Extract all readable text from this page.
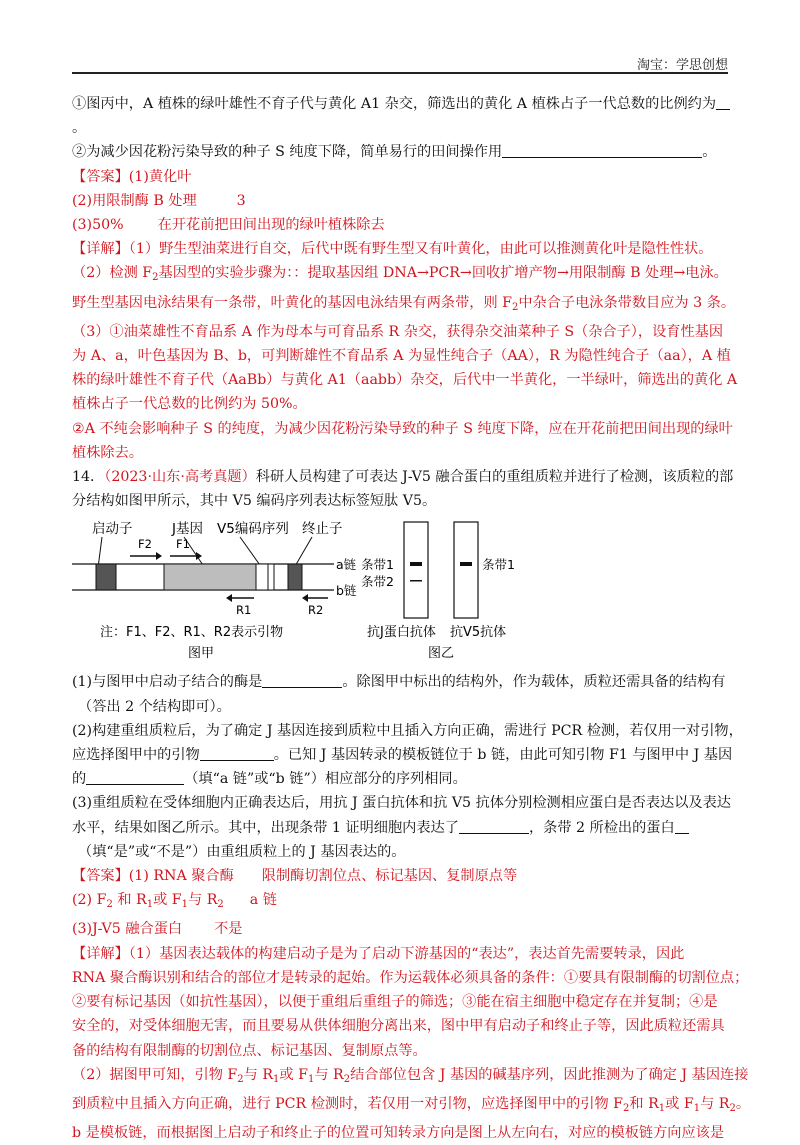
淘宝：学思创想
①图丙中，A 植株的绿叶雄性不育子代与黄化 A1 杂交，筛选出的黄化 A 植株占子一代总数的比例约为
。
②为减少因花粉污染导致的种子 S 纯度下降，简单易行的田间操作用	。
【答案】(1)黄化叶
(2)用限制酶 B 处理	3
(3)50% 在开花前把田间出现的绿叶植株除去
【详解】（1）野生型油菜进行自交，后代中既有野生型又有叶黄化，由此可以推测黄化叶是隐性性状。
（2）检测 $F_2$基因型的实验步骤为：：提取基因组 DNA→PCR→回收扩增产物→用限制酶 B 处理→电泳。
野生型基因电泳结果有一条带，叶黄化的基因电泳结果有两条带，则 $F_2$中杂合子电泳条带数目应为 3 条。
（3）①油菜雄性不育品系 A 作为母本与可育品系 R 杂交，获得杂交油菜种子 S（杂合子），设育性基因
为 A、a，叶色基因为 B、b，可判断雄性不育品系 A 为显性纯合子（AA），R 为隐性纯合子（aa），A 植
株的绿叶雄性不育子代（AaBb）与黄化 A1（aabb）杂交，后代中一半黄化，一半绿叶，筛选出的黄化 A
植株占子一代总数的比例约为 50%。
②A 不纯会影响种子 S 的纯度，为减少因花粉污染导致的种子 S 纯度下降，应在开花前把田间出现的绿叶
植株除去。
14．（2023·山东·高考真题）科研人员构建了可表达 J-V5 融合蛋白的重组质粒并进行了检测，该质粒的部
分结构如图甲所示，其中 V5 编码序列表达标签短肽 V5。
启动子	J基因 V5编码序列 终止子
a链
b链
F2 F1
R1	R2
注：F1、F2、R1、R2表示引物
图甲
条带1
条带2
条带1
抗J蛋白抗体 抗V5抗体
图乙
(1)与图甲中启动子结合的酶是	。除图甲中标出的结构外，作为载体，质粒还需具备的结构有
（答出 2 个结构即可）。
(2)构建重组质粒后，为了确定 J 基因连接到质粒中且插入方向正确，需进行 PCR 检测，若仅用一对引物，
应选择图甲中的引物	。已知 J 基因转录的模板链位于 b 链，由此可知引物 F1 与图甲中 J 基因
的	（填“a 链”或“b 链”）相应部分的序列相同。
(3)重组质粒在受体细胞内正确表达后，用抗 J 蛋白抗体和抗 V5 抗体分别检测相应蛋白是否表达以及表达
水平，结果如图乙所示。其中，出现条带 1 证明细胞内表达了	，条带 2 所检出的蛋白
（填“是”或“不是”）由重组质粒上的 J 基因表达的。
【答案】(1) RNA 聚合酶 限制酶切割位点、标记基因、复制原点等
(2) $F_2$ 和 $R_1$或 $F_1$与 $R_2$ a 链
(3)J-V5 融合蛋白 不是
【详解】（1）基因表达载体的构建启动子是为了启动下游基因的“表达”，表达首先需要转录，因此
RNA 聚合酶识别和结合的部位才是转录的起始。作为运载体必须具备的条件：①要具有限制酶的切割位点；
②要有标记基因（如抗性基因），以便于重组后重组子的筛选；③能在宿主细胞中稳定存在并复制；④是
安全的，对受体细胞无害，而且要易从供体细胞分离出来，图中甲有启动子和终止子等，因此质粒还需具
备的结构有限制酶的切割位点、标记基因、复制原点等。
（2）据图甲可知，引物 $F_2$与 $R_1$或 $F_1$与 $R_2$结合部位包含 J 基因的碱基序列，因此推测为了确定 J 基因连接
到质粒中且插入方向正确，进行 PCR 检测时，若仅用一对引物，应选择图甲中的引物 $F_2$和 $R_1$或 $F_1$与 $R_2$。
b 是模板链，而根据图上启动子和终止子的位置可知转录方向是图上从左向右，对应的模板链方向应该是
